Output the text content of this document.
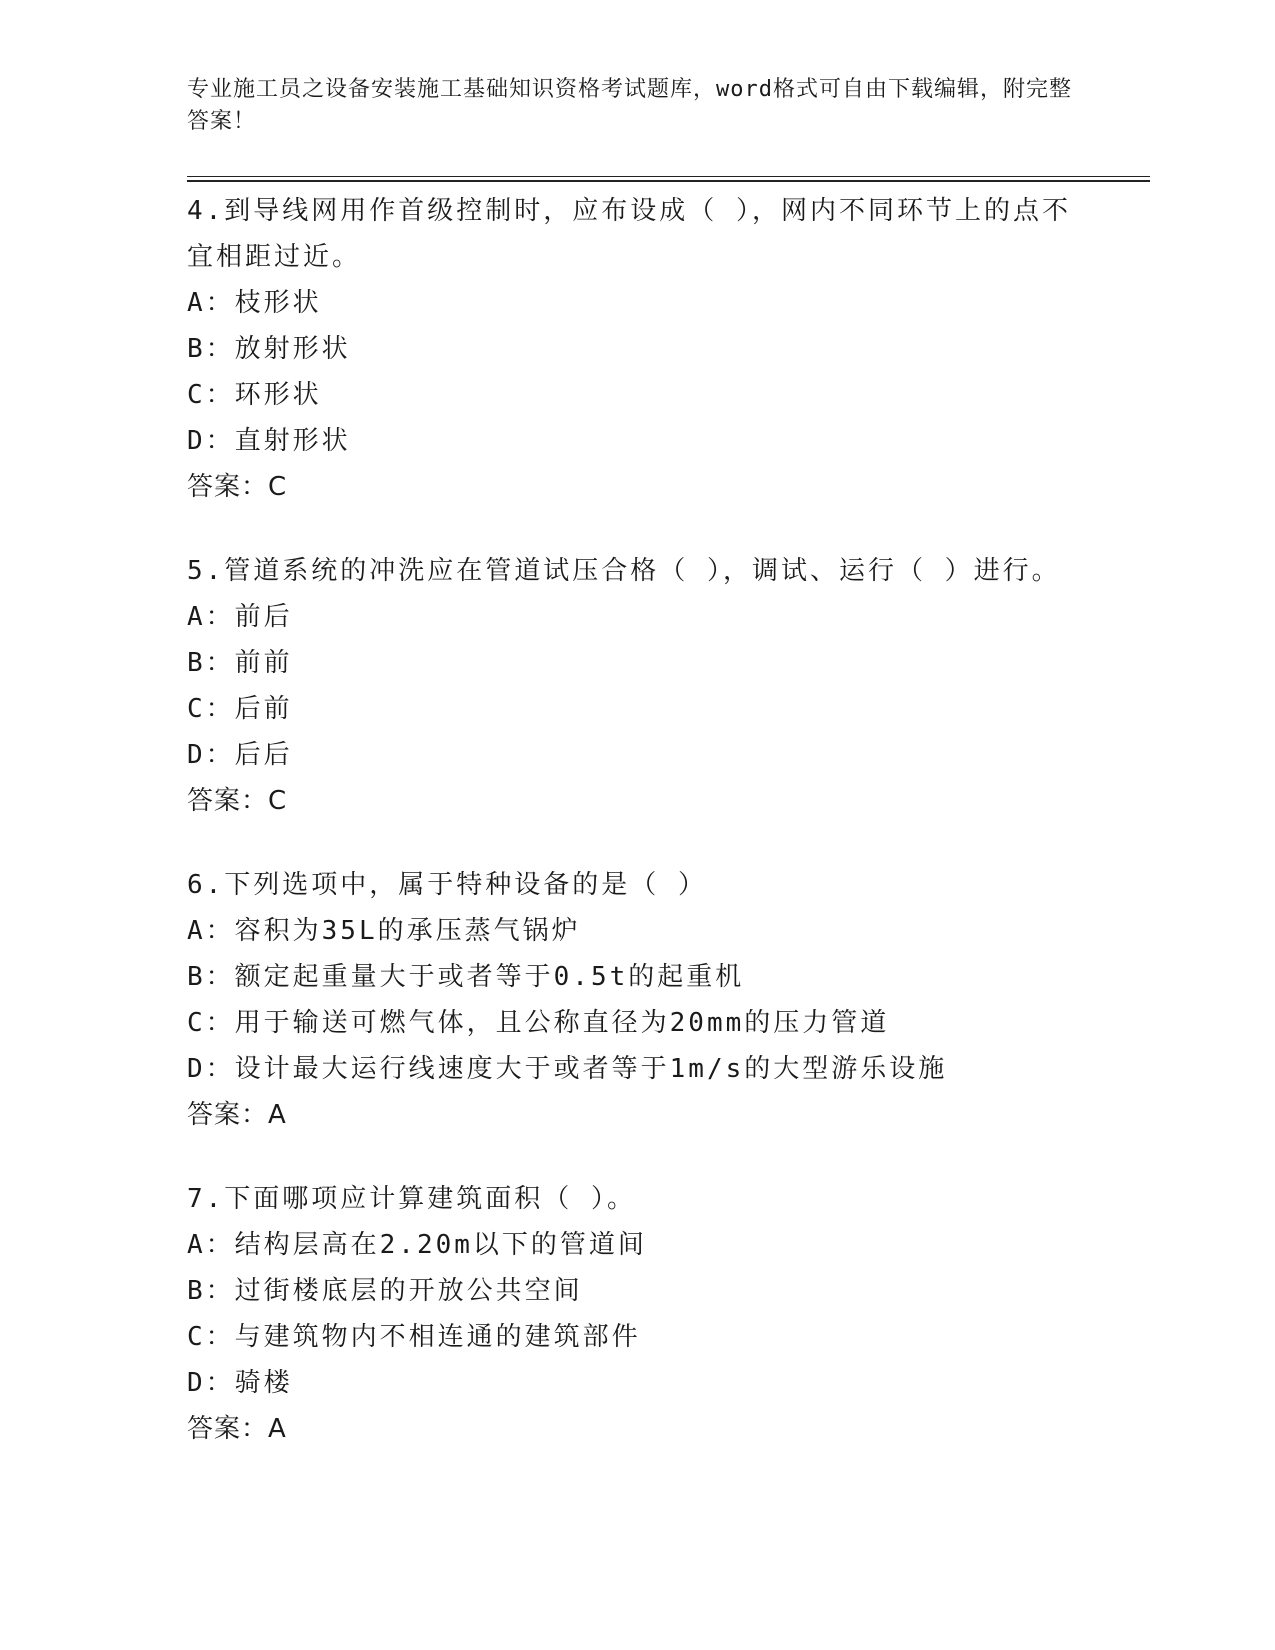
专业施工员之设备安装施工基础知识资格考试题库，word格式可自由下载编辑，附完整答案！
4.到导线网用作首级控制时，应布设成（ ），网内不同环节上的点不宜相距过近。
A：枝形状
B：放射形状
C：环形状
D：直射形状
答案：C
5.管道系统的冲洗应在管道试压合格（ ），调试、运行（ ）进行。
A：前后
B：前前
C：后前
D：后后
答案：C
6.下列选项中，属于特种设备的是（ ）
A：容积为35L的承压蒸气锅炉
B：额定起重量大于或者等于0.5t的起重机
C：用于输送可燃气体，且公称直径为20mm的压力管道
D：设计最大运行线速度大于或者等于1m/s的大型游乐设施
答案：A
7.下面哪项应计算建筑面积（ ）。
A：结构层高在2.20m以下的管道间
B：过街楼底层的开放公共空间
C：与建筑物内不相连通的建筑部件
D：骑楼
答案：A
